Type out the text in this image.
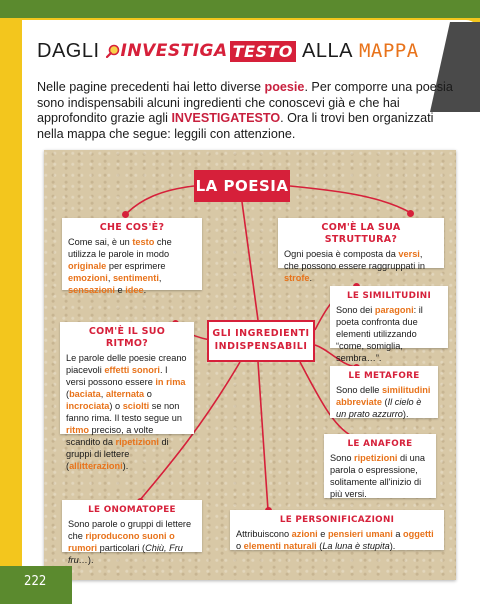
DAGLI INVESTIGA TESTO ALLA MAPPA
Nelle pagine precedenti hai letto diverse poesie. Per comporre una poesia sono indispensabili alcuni ingredienti che conoscevi già e che hai approfondito grazie agli INVESTIGATESTO. Ora li trovi ben organizzati nella mappa che segue: leggili con attenzione.
LA POESIA
GLI INGREDIENTI
INDISPENSABILI
CHE COS'È?
Come sai, è un testo che utilizza le parole in modo originale per esprimere emozioni, sentimenti, sensazioni e idee.
COM'È LA SUA STRUTTURA?
Ogni poesia è composta da versi, che possono essere raggruppati in strofe.
COM'È IL SUO RITMO?
Le parole delle poesie creano piacevoli effetti sonori. I versi possono essere in rima (baciata, alternata o incrociata) o sciolti se non fanno rima. Il testo segue un ritmo preciso, a volte scandito da ripetizioni di gruppi di lettere (allitterazioni).
LE SIMILITUDINI
Sono dei paragoni: il poeta confronta due elementi utilizzando “come, somiglia, sembra…”.
LE METAFORE
Sono delle similitudini abbreviate (Il cielo è un prato azzurro).
LE ANAFORE
Sono ripetizioni di una parola o espressione, solitamente all'inizio di più versi.
LE ONOMATOPEE
Sono parole o gruppi di lettere che riproducono suoni o rumori particolari (Chiù, Fru fru…).
LE PERSONIFICAZIONI
Attribuiscono azioni e pensieri umani a oggetti o elementi naturali (La luna è stupita).
222
